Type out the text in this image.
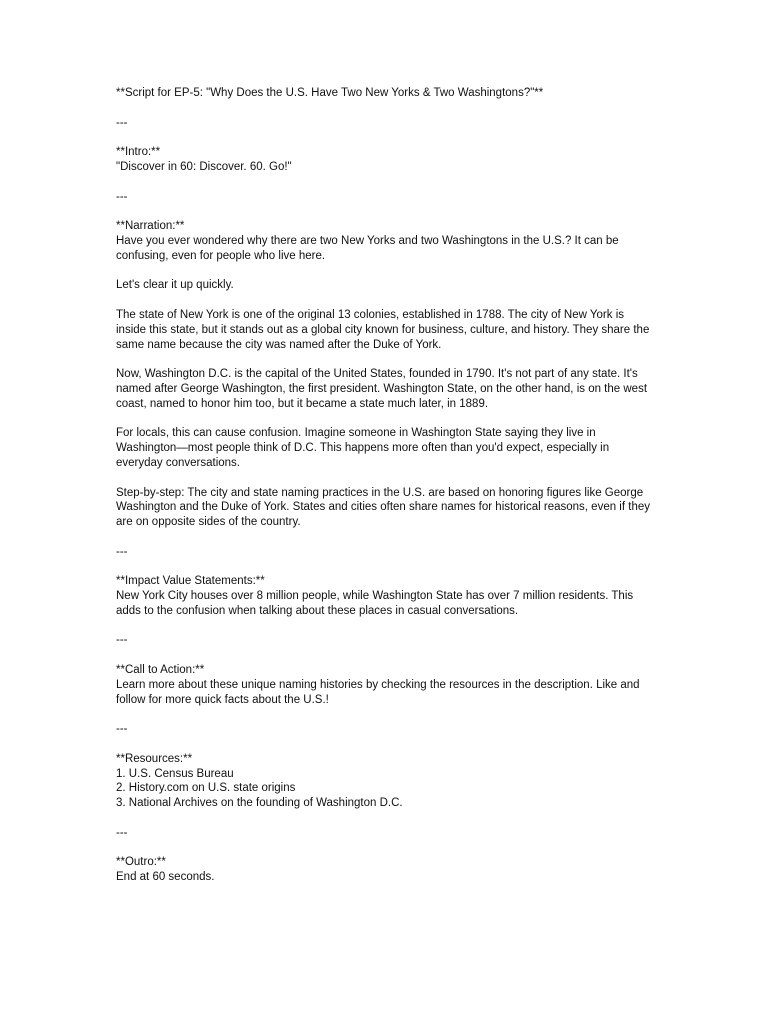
**Script for EP-5: "Why Does the U.S. Have Two New Yorks & Two Washingtons?"**

---

**Intro:**

"Discover in 60: Discover. 60. Go!"

---

**Narration:**

Have you ever wondered why there are two New Yorks and two Washingtons in the U.S.? It can be confusing, even for people who live here.

Let's clear it up quickly.

The state of New York is one of the original 13 colonies, established in 1788. The city of New York is inside this state, but it stands out as a global city known for business, culture, and history. They share the same name because the city was named after the Duke of York.

Now, Washington D.C. is the capital of the United States, founded in 1790. It's not part of any state. It's named after George Washington, the first president. Washington State, on the other hand, is on the west coast, named to honor him too, but it became a state much later, in 1889.

For locals, this can cause confusion. Imagine someone in Washington State saying they live in Washington—most people think of D.C. This happens more often than you'd expect, especially in everyday conversations.

Step-by-step: The city and state naming practices in the U.S. are based on honoring figures like George Washington and the Duke of York. States and cities often share names for historical reasons, even if they are on opposite sides of the country.

---

**Impact Value Statements:**

New York City houses over 8 million people, while Washington State has over 7 million residents. This adds to the confusion when talking about these places in casual conversations.

---

**Call to Action:**

Learn more about these unique naming histories by checking the resources in the description. Like and follow for more quick facts about the U.S.!

---

**Resources:**

1. U.S. Census Bureau

2. History.com on U.S. state origins

3. National Archives on the founding of Washington D.C.

---

**Outro:**

End at 60 seconds.
